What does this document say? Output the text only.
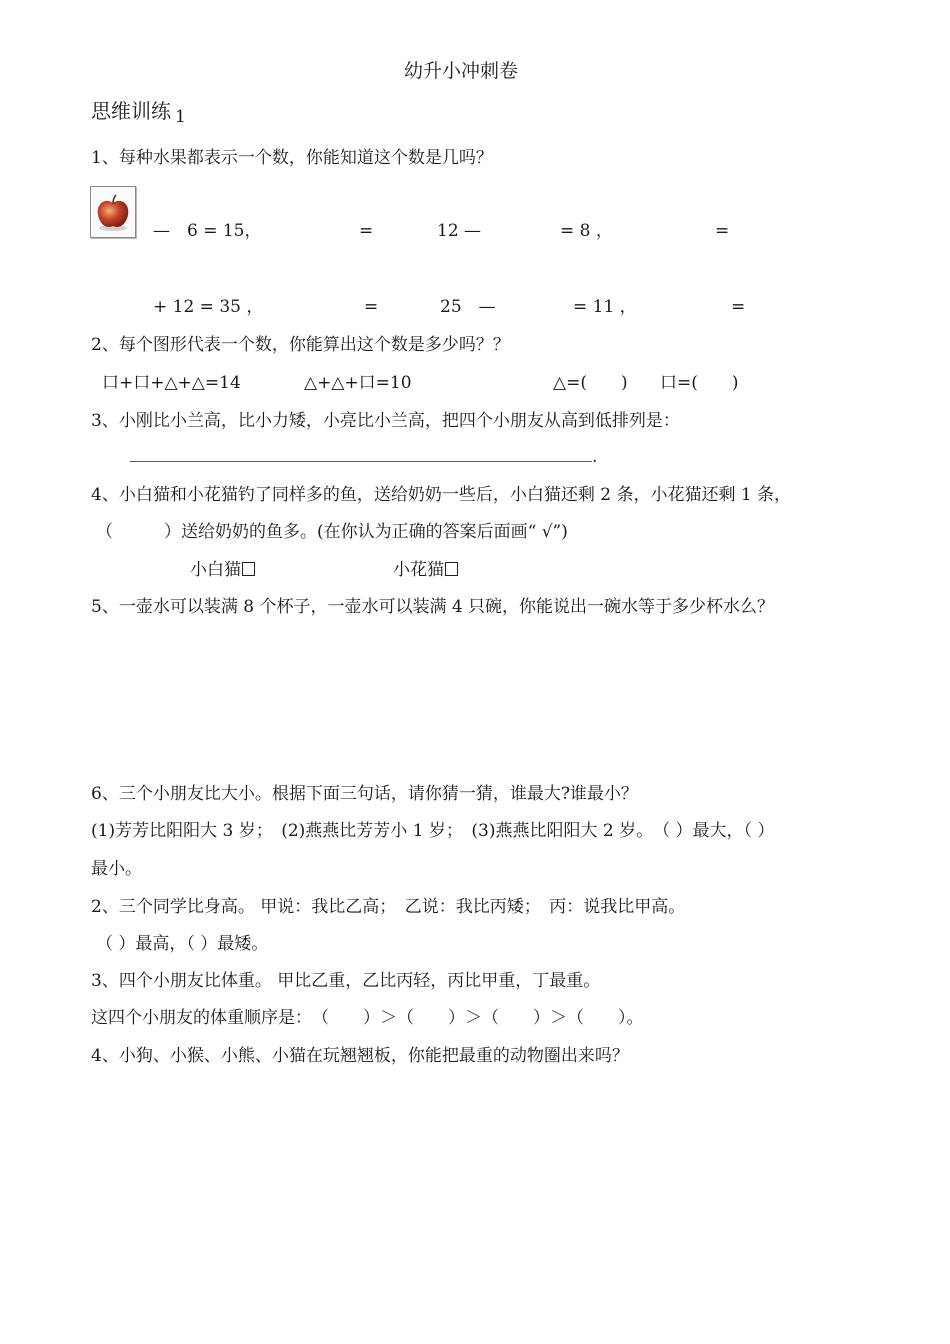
幼升小冲刺卷
思维训练 $_1$
1、每种水果都表示一个数，你能知道这个数是几吗？
—　6 = 15，	=	12 —	= 8 ，	=
+ 12 = 35 ，	=	25　—	= 11 ，	=
2、每个图形代表一个数，你能算出这个数是多少吗？？
口+口+△+△=14	△+△+口=10	△=(　　) 口=(　　)
3、小刚比小兰高，比小力矮，小亮比小兰高，把四个小朋友从高到低排列是：
.
4、小白猫和小花猫钓了同样多的鱼，送给奶奶一些后，小白猫还剩 2 条，小花猫还剩 1 条，
（　　　）送给奶奶的鱼多。(在你认为正确的答案后面画“ √”)
小白猫	小花猫
5、一壶水可以装满 8 个杯子，一壶水可以装满 4 只碗，你能说出一碗水等于多少杯水么？
6、三个小朋友比大小。根据下面三句话，请你猜一猜，谁最大?谁最小？
(1)芳芳比阳阳大 3 岁；　(2)燕燕比芳芳小 1 岁；　(3)燕燕比阳阳大 2 岁。　（ ）最大，（ ）
最小。
2、三个同学比身高。 甲说：我比乙高；　乙说：我比丙矮；　丙：说我比甲高。
（ ）最高，（ ）最矮。
3、四个小朋友比体重。 甲比乙重，乙比丙轻，丙比甲重，丁最重。
这四个小朋友的体重顺序是：　（　　）＞（　　）＞（　　）＞（　　）。
4、小狗、小猴、小熊、小猫在玩翘翘板，你能把最重的动物圈出来吗？
